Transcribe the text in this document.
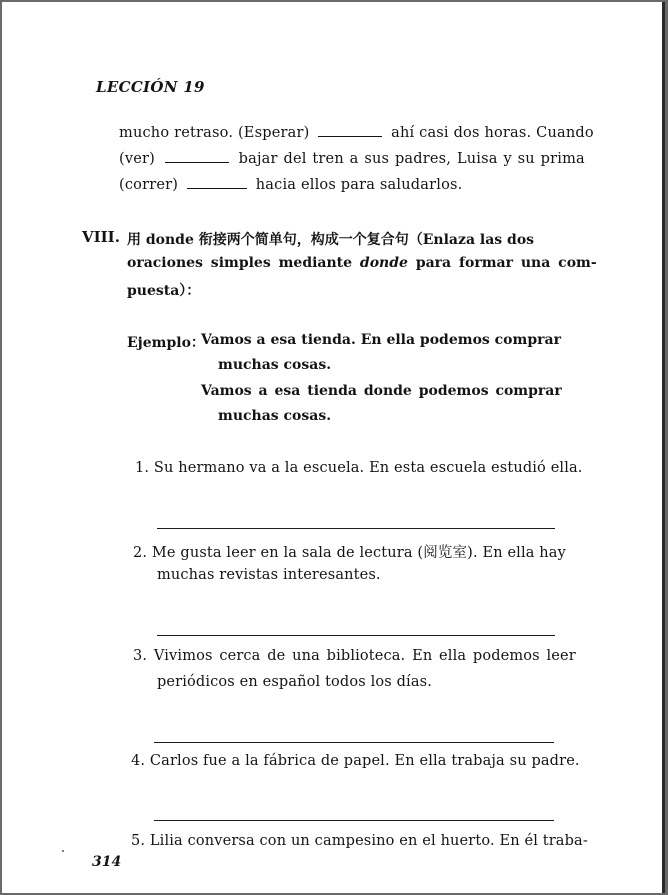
LECCIÓN 19
mucho retraso. (Esperar)	ahí casi dos horas. Cuando
(ver)	bajar del tren a sus padres, Luisa y su prima
(correr)	hacia ellos para saludarlos.
VIII. 用 donde 衔接两个简单句，构成一个复合句（Enlaza las dos
oraciones simples mediante donde para formar una com-
puesta）：
Ejemplo：
Vamos a esa tienda. En ella podemos comprar
muchas cosas.
Vamos a esa tienda donde podemos comprar
muchas cosas.
1. Su hermano va a la escuela. En esta escuela estudió ella.
2. Me gusta leer en la sala de lectura (阅览室). En ella hay
muchas revistas interesantes.
3. Vivimos cerca de una biblioteca. En ella podemos leer
periódicos en español todos los días.
4. Carlos fue a la fábrica de papel. En ella trabaja su padre.
5. Lilia conversa con un campesino en el huerto. En él traba-
314
